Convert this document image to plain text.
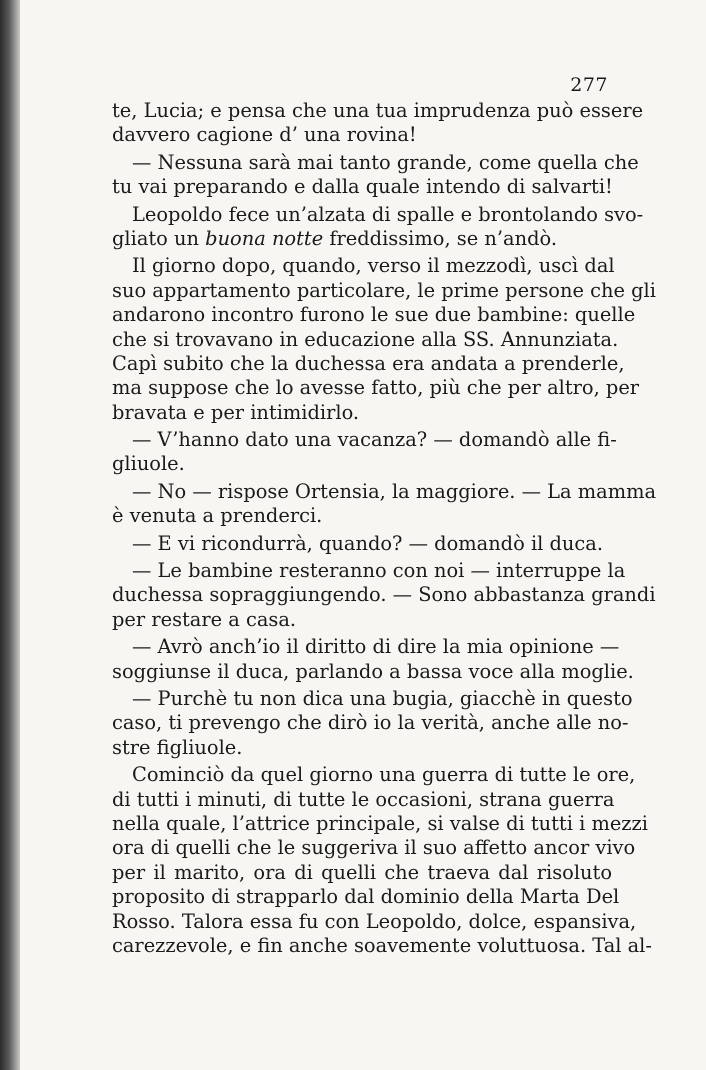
277
te, Lucia; e pensa che una tua imprudenza può essere
davvero cagione d’ una rovina!
— Nessuna sarà mai tanto grande, come quella che
tu vai preparando e dalla quale intendo di salvarti!
Leopoldo fece un’alzata di spalle e brontolando svo-
gliato un buona notte freddissimo, se n’andò.
Il giorno dopo, quando, verso il mezzodì, uscì dal
suo appartamento particolare, le prime persone che gli
andarono incontro furono le sue due bambine: quelle
che si trovavano in educazione alla SS. Annunziata.
Capì subito che la duchessa era andata a prenderle,
ma suppose che lo avesse fatto, più che per altro, per
bravata e per intimidirlo.
— V’hanno dato una vacanza? — domandò alle fi-
gliuole.
— No — rispose Ortensia, la maggiore. — La mamma
è venuta a prenderci.
— E vi ricondurrà, quando? — domandò il duca.
— Le bambine resteranno con noi — interruppe la
duchessa sopraggiungendo. — Sono abbastanza grandi
per restare a casa.
— Avrò anch’io il diritto di dire la mia opinione —
soggiunse il duca, parlando a bassa voce alla moglie.
— Purchè tu non dica una bugia, giacchè in questo
caso, ti prevengo che dirò io la verità, anche alle no-
stre figliuole.
Cominciò da quel giorno una guerra di tutte le ore,
di tutti i minuti, di tutte le occasioni, strana guerra
nella quale, l’attrice principale, si valse di tutti i mezzi
ora di quelli che le suggeriva il suo affetto ancor vivo
per il marito, ora di quelli che traeva dal risoluto
proposito di strapparlo dal dominio della Marta Del
Rosso. Talora essa fu con Leopoldo, dolce, espansiva,
carezzevole, e fin anche soavemente voluttuosa. Tal al-
